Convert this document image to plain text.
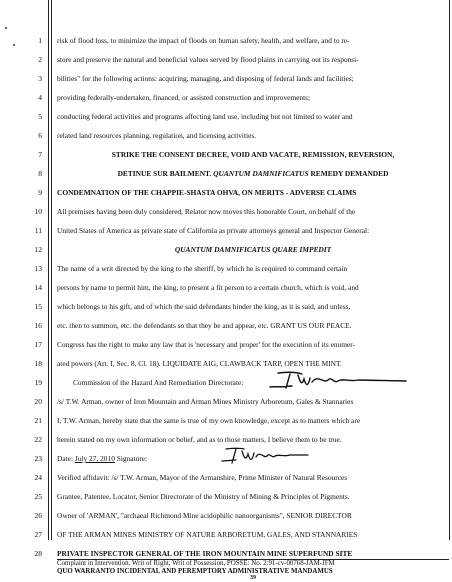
1
2
3
4
5
6
7
8
9
10
11
12
13
14
15
16
17
18
19
20
21
22
23
24
25
26
27
28
risk of flood loss, to minimize the impact of floods on human safety, health, and welfare, and to re-
store and preserve the natural and beneficial values served by flood plains in carrying out its responsi-
bilities" for the following actions: acquiring, managing, and disposing of federal lands and facilities;
providing federally-undertaken, financed, or assisted construction and improvements;
conducting federal activities and programs affecting land use, including but not limited to water and
related land resources planning, regulation, and licensing activities.
STRIKE THE CONSENT DECREE, VOID AND VACATE, REMISSION, REVERSION,
DETINUE SUR BAILMENT. QUANTUM DAMNIFICATUS REMEDY DEMANDED
CONDEMNATION OF THE CHAPPIE-SHASTA OHVA, ON MERITS - ADVERSE CLAIMS
All premises having been duly considered, Relator now moves this honorable Court, on behalf of the
United States of America as private state of California as private attorneys general and Inspector General:
QUANTUM DAMNIFICATUS QUARE IMPEDIT
The name of a writ directed by the king to the sheriff, by which he is required to command certain
persons by name to permit him, the king, to present a fit person to a certain church, which is void, and
which belongs to his gift, and of which the said defendants hinder the king, as it is said, and unless,
etc. then to summon, etc. the defendants so that they be and appear, etc. GRANT US OUR PEACE.
Congress has the right to make any law that is 'necessary and proper' for the execution of its enumer-
ated powers (Art. I, Sec. 8, Cl. 18). LIQUIDATE AIG, CLAWBACK TARP, OPEN THE MINT.
Commission of the Hazard And Remediation Directorate:
/s/ T.W. Arman, owner of Iron Mountain and Arman Mines Ministry Arboretum, Gales & Stannaries
I, T.W. Arman, hereby state that the same is true of my own knowledge, except as to matters which are
herein stated on my own information or belief, and as to those matters, I believe them to be true.
Date: July 27, 2010 Signature:
Verified affidavit: /s/ T.W. Arman, Mayor of the Armanshire, Prime Minister of Natural Resources
Grantee, Patentee, Locator, Senior Directorate of the Ministry of Mining & Principles of Pigments.
Owner of 'ARMAN', "archaeal Richmond Mine acidophilic nanoorganisms", SENIOR DIRECTOR
OF THE ARMAN MINES MINISTRY OF NATURE ARBORETUM, GALES, AND STANNARIES
PRIVATE INSPECTOR GENERAL OF THE IRON MOUNTAIN MINE SUPERFUND SITE
Complaint in Intervention. Writ of Right, Writ of Possession, POSSE: No. 2:91-cv-00768-JAM-JFM
QUO WARRANTO INCIDENTAL AND PEREMPTORY ADMINISTRATIVE MANDAMUS
39
